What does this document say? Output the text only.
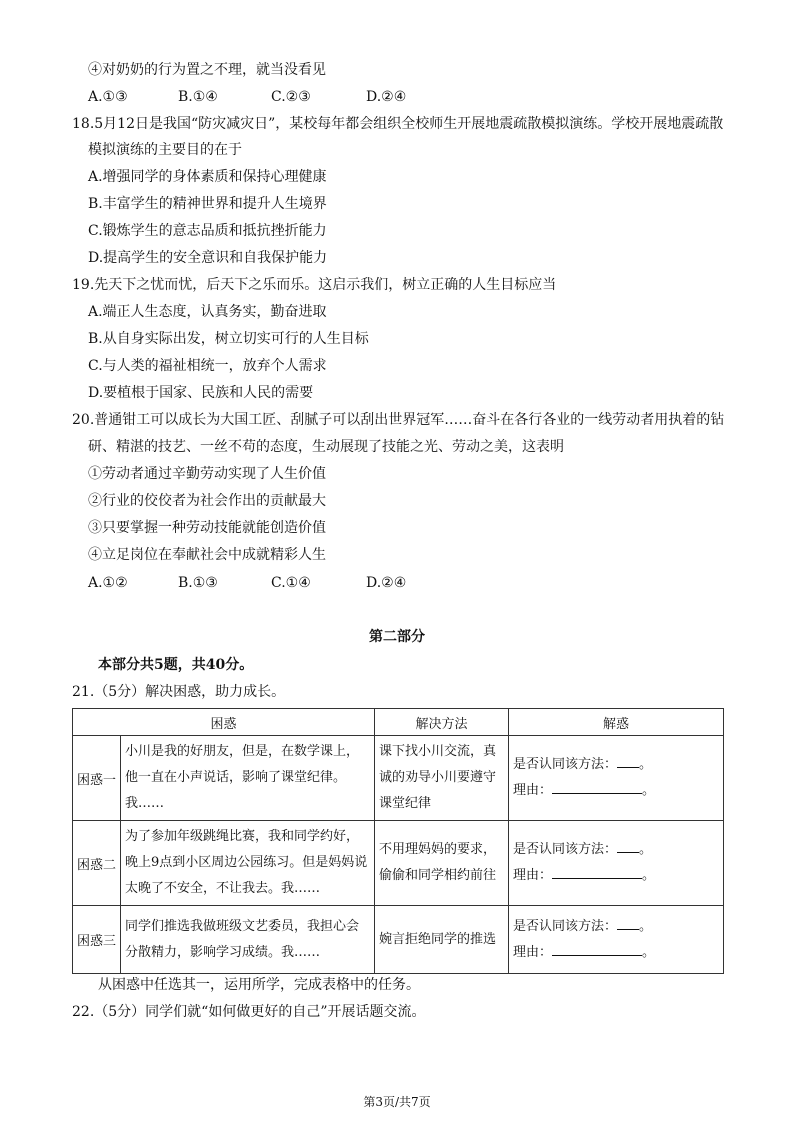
④对奶奶的行为置之不理，就当没看见
A.①③	B.①④	C.②③	D.②④
18.5月12日是我国“防灾减灾日”，某校每年都会组织全校师生开展地震疏散模拟演练。学校开展地震疏散
模拟演练的主要目的在于
A.增强同学的身体素质和保持心理健康
B.丰富学生的精神世界和提升人生境界
C.锻炼学生的意志品质和抵抗挫折能力
D.提高学生的安全意识和自我保护能力
19.先天下之忧而忧，后天下之乐而乐。这启示我们，树立正确的人生目标应当
A.端正人生态度，认真务实，勤奋进取
B.从自身实际出发，树立切实可行的人生目标
C.与人类的福祉相统一，放弃个人需求
D.要植根于国家、民族和人民的需要
20.普通钳工可以成长为大国工匠、刮腻子可以刮出世界冠军……奋斗在各行各业的一线劳动者用执着的钻
研、精湛的技艺、一丝不苟的态度，生动展现了技能之光、劳动之美，这表明
①劳动者通过辛勤劳动实现了人生价值
②行业的佼佼者为社会作出的贡献最大
③只要掌握一种劳动技能就能创造价值
④立足岗位在奉献社会中成就精彩人生
A.①②	B.①③	C.①④	D.②④
第二部分
本部分共5题，共40分。
21.（5分）解决困惑，助力成长。
困惑		解决方法	解惑
困惑一	小川是我的好朋友，但是，在数学课上，他一直在小声说话，影响了课堂纪律。我……	课下找小川交流，真诚的劝导小川要遵守课堂纪律	是否认同该方法： 。
理由： 。

困惑二	为了参加年级跳绳比赛，我和同学约好，晚上9点到小区周边公园练习。但是妈妈说太晚了不安全，不让我去。我……	不用理妈妈的要求，偷偷和同学相约前往	是否认同该方法： 。
理由： 。

困惑三	同学们推选我做班级文艺委员，我担心会分散精力，影响学习成绩。我……	婉言拒绝同学的推选	是否认同该方法： 。
理由： 。
从困惑中任选其一，运用所学，完成表格中的任务。
22.（5分）同学们就“如何做更好的自己”开展话题交流。
第3页/共7页
